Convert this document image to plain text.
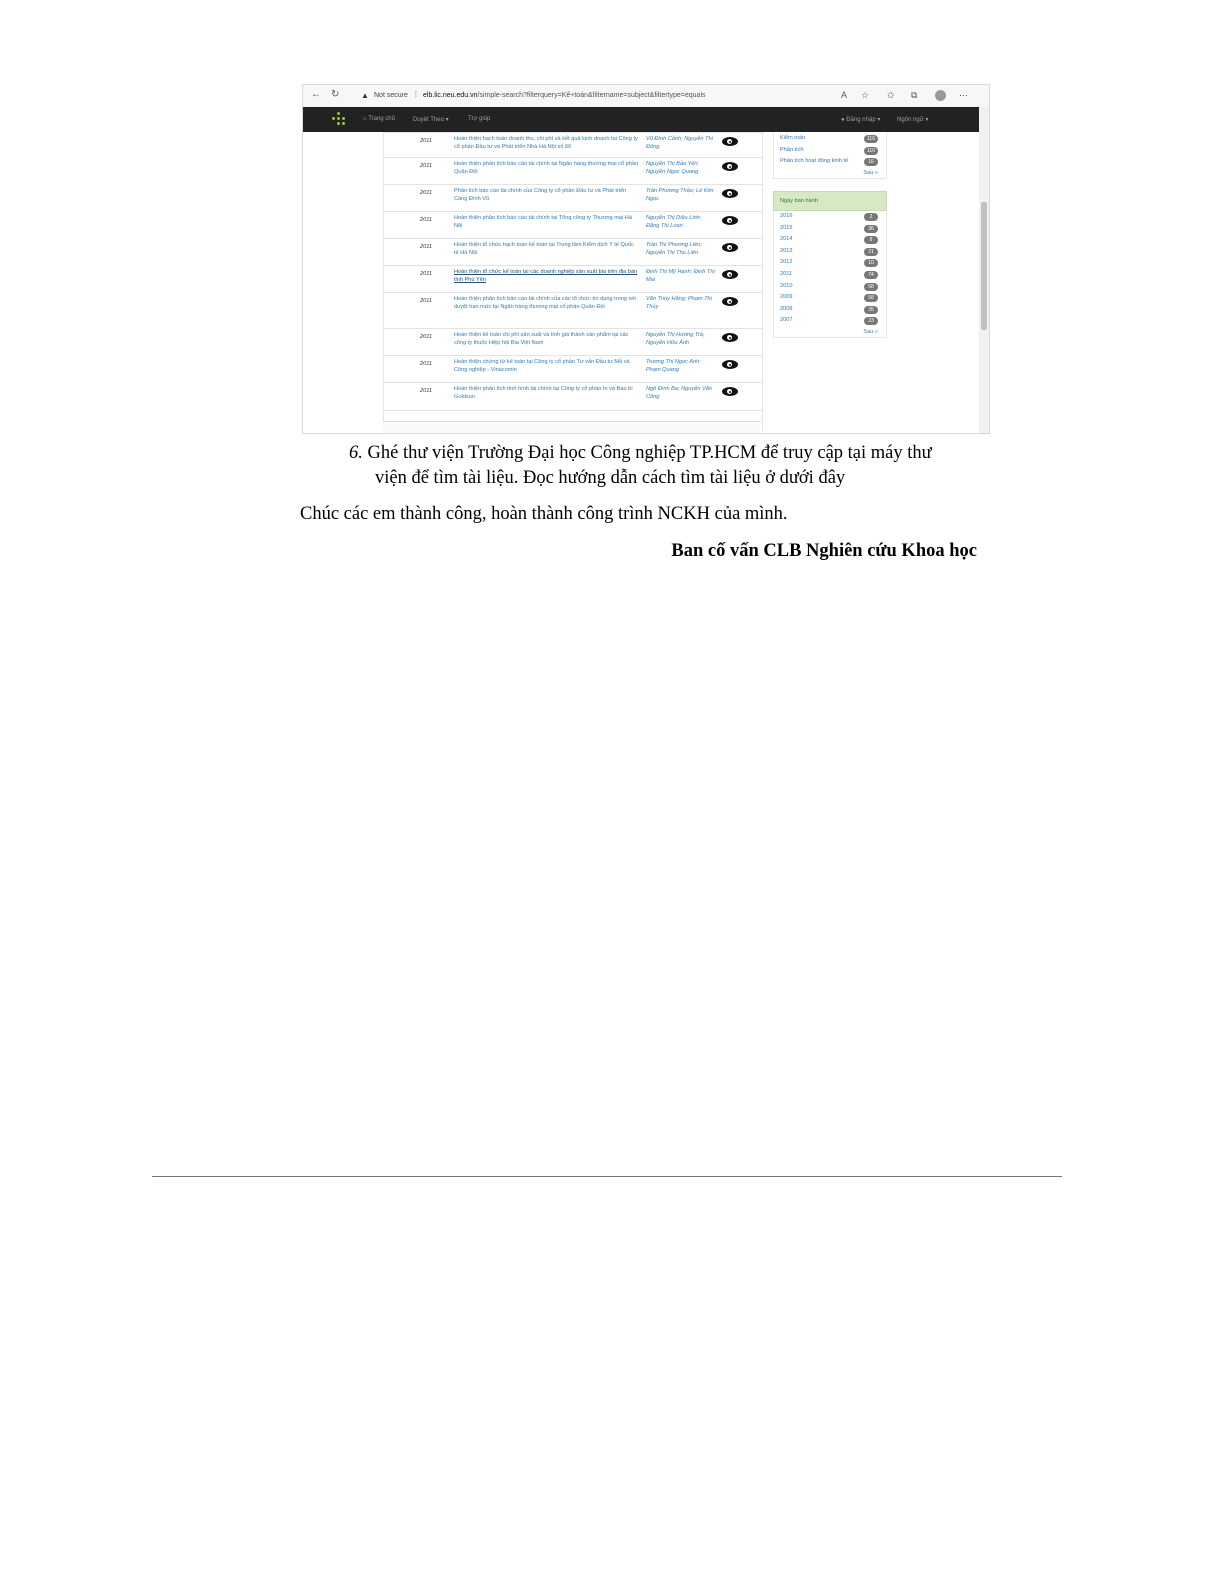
← ↻	▲ Not secure | elb.lic.neu.edu.vn/simple-search?filterquery=Kế+toán&filtername=subject&filtertype=equals	A ☆ ✩ ⧉	⋯
⌂ Trang chủ	Duyệt Theo ▾	Trợ giúp	● Đăng nhập ▾	Ngôn ngữ ▾
2011	Hoàn thiện hạch toán doanh thu, chi phí và kết quả kinh doanh tại Công ty cổ phần Đầu tư và Phát triển Nhà Hà Nội số 66
Vũ Đình Cảnh; Nguyễn Thị Đông
2011	Hoàn thiện phân tích báo cáo tài chính tại Ngân hàng thương mại cổ phần Quân Đội
Nguyễn Thị Bảo Yến; Nguyễn Ngọc Quang
2011	Phân tích báo cáo tài chính của Công ty cổ phần Đầu tư và Phát triển Cảng Đình Vũ
Trần Phương Thảo; Lê Kim Ngọc
2011	Hoàn thiện phân tích báo cáo tài chính tại Tổng công ty Thương mại Hà Nội
Nguyễn Thị Diệu Linh; Đặng Thị Loan
2011	Hoàn thiện tổ chức hạch toán kế toán tại Trung tâm Kiểm dịch Y tế Quốc tế Hà Nội
Trần Thị Phương Liên; Nguyễn Thị Thu Liên
2011	Hoàn thiện tổ chức kế toán tại các doanh nghiệp sản xuất bia trên địa bàn tỉnh Phú Yên
Đinh Thị Mỹ Hạnh; Đinh Thị Mai
2011	Hoàn thiện phân tích báo cáo tài chính của các tổ chức tín dụng trong xét duyệt hạn mức tại Ngân hàng thương mại cổ phần Quân Đội
Văn Thùy Hằng; Phạm Thị Thủy
2011	Hoàn thiện kế toán chi phí sản xuất và tính giá thành sản phẩm tại các công ty thuộc Hiệp hội Bia Việt Nam
Nguyễn Thị Hương Trà; Nguyễn Hữu Ánh
2011	Hoàn thiện chứng từ kế toán tại Công ty cổ phần Tư vấn Đầu tư Mỏ và Công nghiệp - Vinacomin
Trương Thị Ngọc Anh; Phạm Quang
2011	Hoàn thiện phân tích tình hình tài chính tại Công ty cổ phần In và Bao bì Goldsun
Ngô Đình Ba; Nguyễn Văn Công
Kiểm toán	116
Phân tích	110
Phân tích hoạt động kinh tế	16
Sau »
Ngày ban hành
2016	2
2015	36
2014	8
2013	21
2012	10
2011	74
2010	58
2009	58
2008	35
2007	23
Sau »
6. Ghé thư viện Trường Đại học Công nghiệp TP.HCM để truy cập tại máy thư
viện để tìm tài liệu. Đọc hướng dẫn cách tìm tài liệu ở dưới đây
Chúc các em thành công, hoàn thành công trình NCKH của mình.
Ban cố vấn CLB Nghiên cứu Khoa học
